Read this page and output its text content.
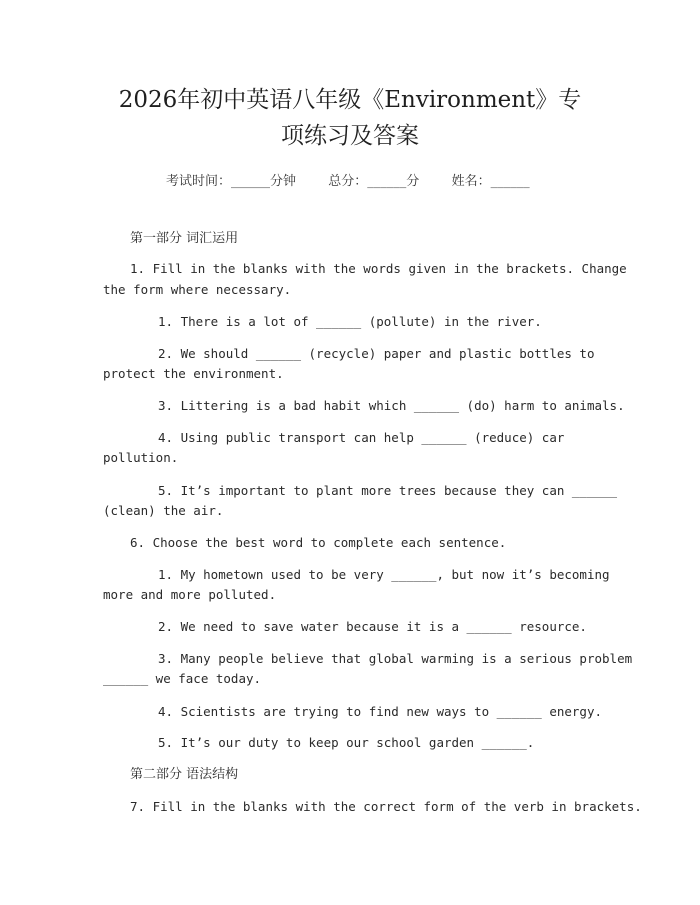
2026年初中英语八年级《Environment》专
项练习及答案
考试时间：______分钟 总分：______分 姓名：______
第一部分 词汇运用
1. Fill in the blanks with the words given in the brackets. Change
the form where necessary.
1. There is a lot of ______ (pollute) in the river.
2. We should ______ (recycle) paper and plastic bottles to
protect the environment.
3. Littering is a bad habit which ______ (do) harm to animals.
4. Using public transport can help ______ (reduce) car
pollution.
5. It’s important to plant more trees because they can ______
(clean) the air.
6. Choose the best word to complete each sentence.
1. My hometown used to be very ______, but now it’s becoming
more and more polluted.
2. We need to save water because it is a ______ resource.
3. Many people believe that global warming is a serious problem
______ we face today.
4. Scientists are trying to find new ways to ______ energy.
5. It’s our duty to keep our school garden ______.
第二部分 语法结构
7. Fill in the blanks with the correct form of the verb in brackets.
